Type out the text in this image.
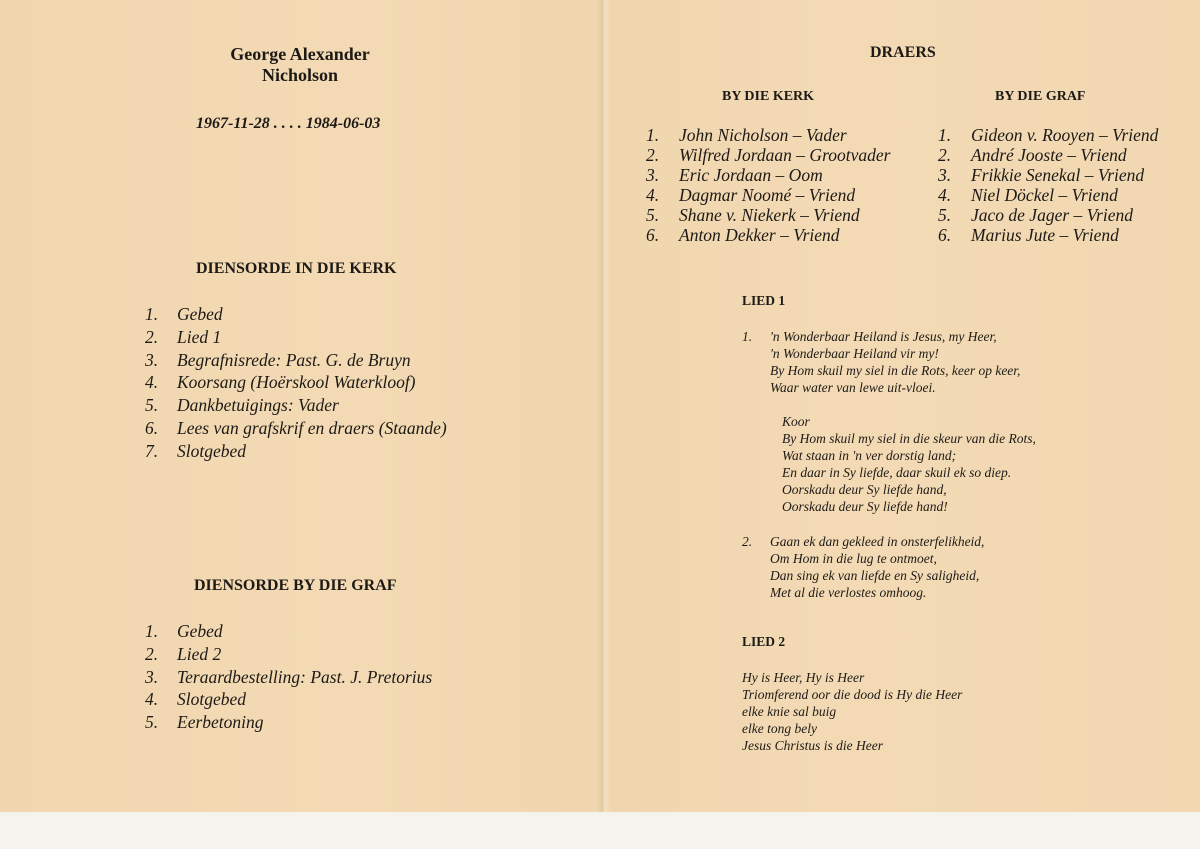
George Alexander
Nicholson
1967-11-28 . . . . 1984-06-03
DIENSORDE IN DIE KERK
1.	Gebed
2.	Lied 1
3.	Begrafnisrede: Past. G. de Bruyn
4.	Koorsang (Hoërskool Waterkloof)
5.	Dankbetuigings: Vader
6.	Lees van grafskrif en draers (Staande)
7.	Slotgebed
DIENSORDE BY DIE GRAF
1.	Gebed
2.	Lied 2
3.	Teraardbestelling: Past. J. Pretorius
4.	Slotgebed
5.	Eerbetoning
DRAERS
BY DIE KERK	BY DIE GRAF
1.	John Nicholson – Vader
2.	Wilfred Jordaan – Grootvader
3.	Eric Jordaan – Oom
4.	Dagmar Noomé – Vriend
5.	Shane v. Niekerk – Vriend
6.	Anton Dekker – Vriend
1.	Gideon v. Rooyen – Vriend
2.	André Jooste – Vriend
3.	Frikkie Senekal – Vriend
4.	Niel Döckel – Vriend
5.	Jaco de Jager – Vriend
6.	Marius Jute – Vriend
LIED 1
1.	'n Wonderbaar Heiland is Jesus, my Heer,
'n Wonderbaar Heiland vir my!
By Hom skuil my siel in die Rots, keer op keer,
Waar water van lewe uit-vloei.
Koor
By Hom skuil my siel in die skeur van die Rots,
Wat staan in 'n ver dorstig land;
En daar in Sy liefde, daar skuil ek so diep.
Oorskadu deur Sy liefde hand,
Oorskadu deur Sy liefde hand!
2.	Gaan ek dan gekleed in onsterfelikheid,
Om Hom in die lug te ontmoet,
Dan sing ek van liefde en Sy saligheid,
Met al die verlostes omhoog.
LIED 2
Hy is Heer, Hy is Heer
Triomferend oor die dood is Hy die Heer
elke knie sal buig
elke tong bely
Jesus Christus is die Heer
